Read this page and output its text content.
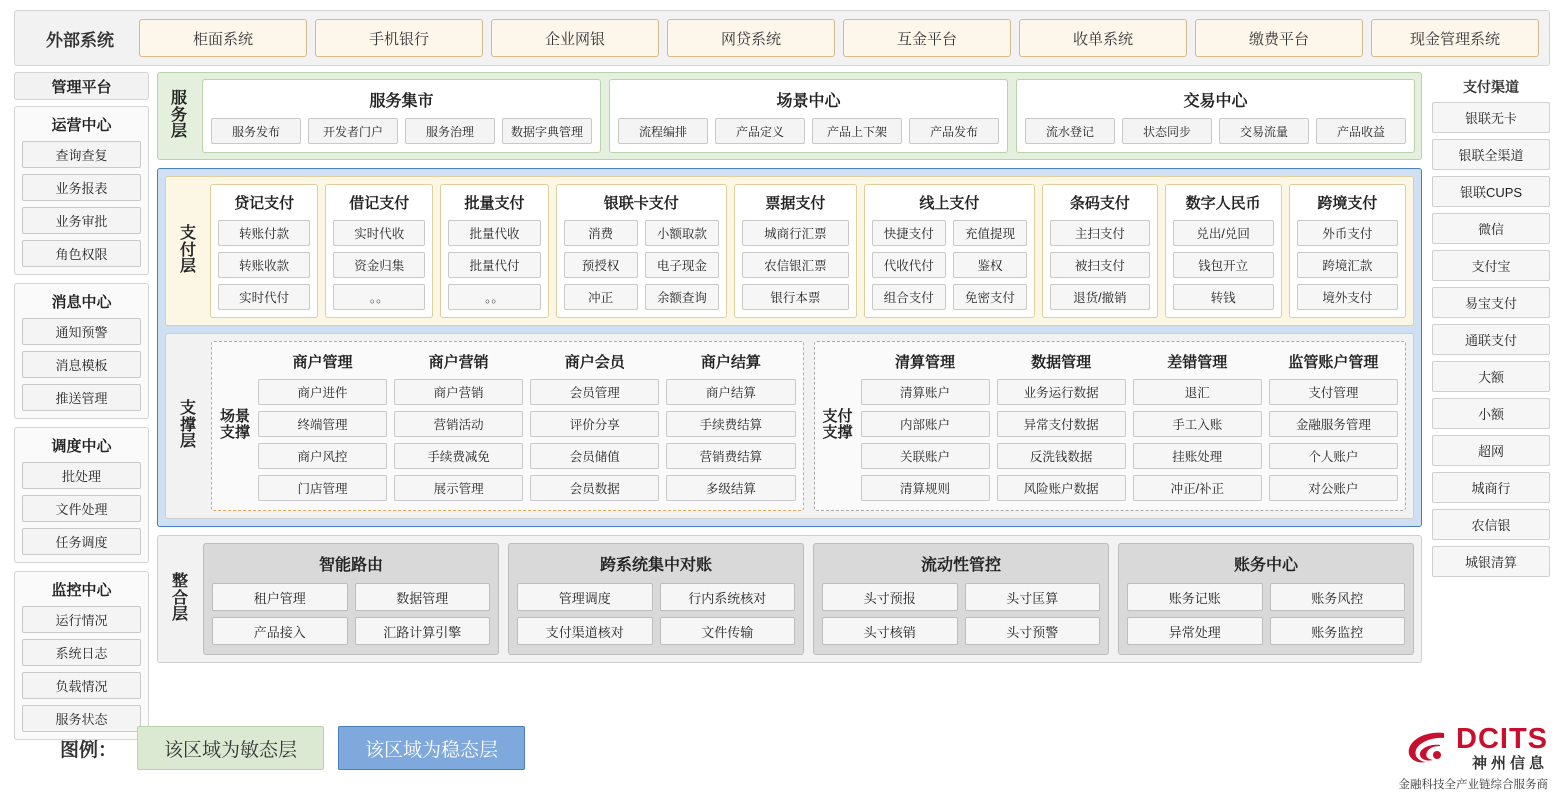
外部系统	柜面系统	手机银行	企业网银	网贷系统	互金平台	收单系统	缴费平台	现金管理系统
管理平台
运营中心
查询查复
业务报表
业务审批
角色权限
消息中心
通知预警
消息模板
推送管理
调度中心
批处理
文件处理
任务调度
监控中心
运行情况
系统日志
负载情况
服务状态
支付渠道
银联无卡
银联全渠道
银联CUPS
微信
支付宝
易宝支付
通联支付
大额
小额
超网
城商行
农信银
城银清算
服务层
服务集市
服务发布	开发者门户	服务治理	数据字典管理
场景中心
流程编排	产品定义	产品上下架	产品发布
交易中心
流水登记	状态同步	交易流量	产品收益
支付层
贷记支付
转账付款
转账收款
实时代付
借记支付
实时代收
资金归集
。。
批量支付
批量代收
批量代付
。。
银联卡支付
消费	小额取款
预授权	电子现金
冲正	余额查询
票据支付
城商行汇票
农信银汇票
银行本票
线上支付
快捷支付	充值提现
代收代付	鉴权
组合支付	免密支付
条码支付
主扫支付
被扫支付
退货/撤销
数字人民币
兑出/兑回
钱包开立
转钱
跨境支付
外币支付
跨境汇款
境外支付
支撑层
场景支撑
商户管理
商户进件
终端管理
商户风控
门店管理
商户营销
商户营销
营销活动
手续费减免
展示管理
商户会员
会员管理
评价分享
会员储值
会员数据
商户结算
商户结算
手续费结算
营销费结算
多级结算
支付支撑
清算管理
清算账户
内部账户
关联账户
清算规则
数据管理
业务运行数据
异常支付数据
反洗钱数据
风险账户数据
差错管理
退汇
手工入账
挂账处理
冲正/补正
监管账户管理
支付管理
金融服务管理
个人账户
对公账户
整合层
智能路由
租户管理	数据管理
产品接入	汇路计算引擎
跨系统集中对账
管理调度	行内系统核对
支付渠道核对	文件传输
流动性管控
头寸预报	头寸匡算
头寸核销	头寸预警
账务中心
账务记账	账务风控
异常处理	账务监控
图例：	该区域为敏态层	该区域为稳态层	DCITS
神州信息
金融科技全产业链综合服务商
